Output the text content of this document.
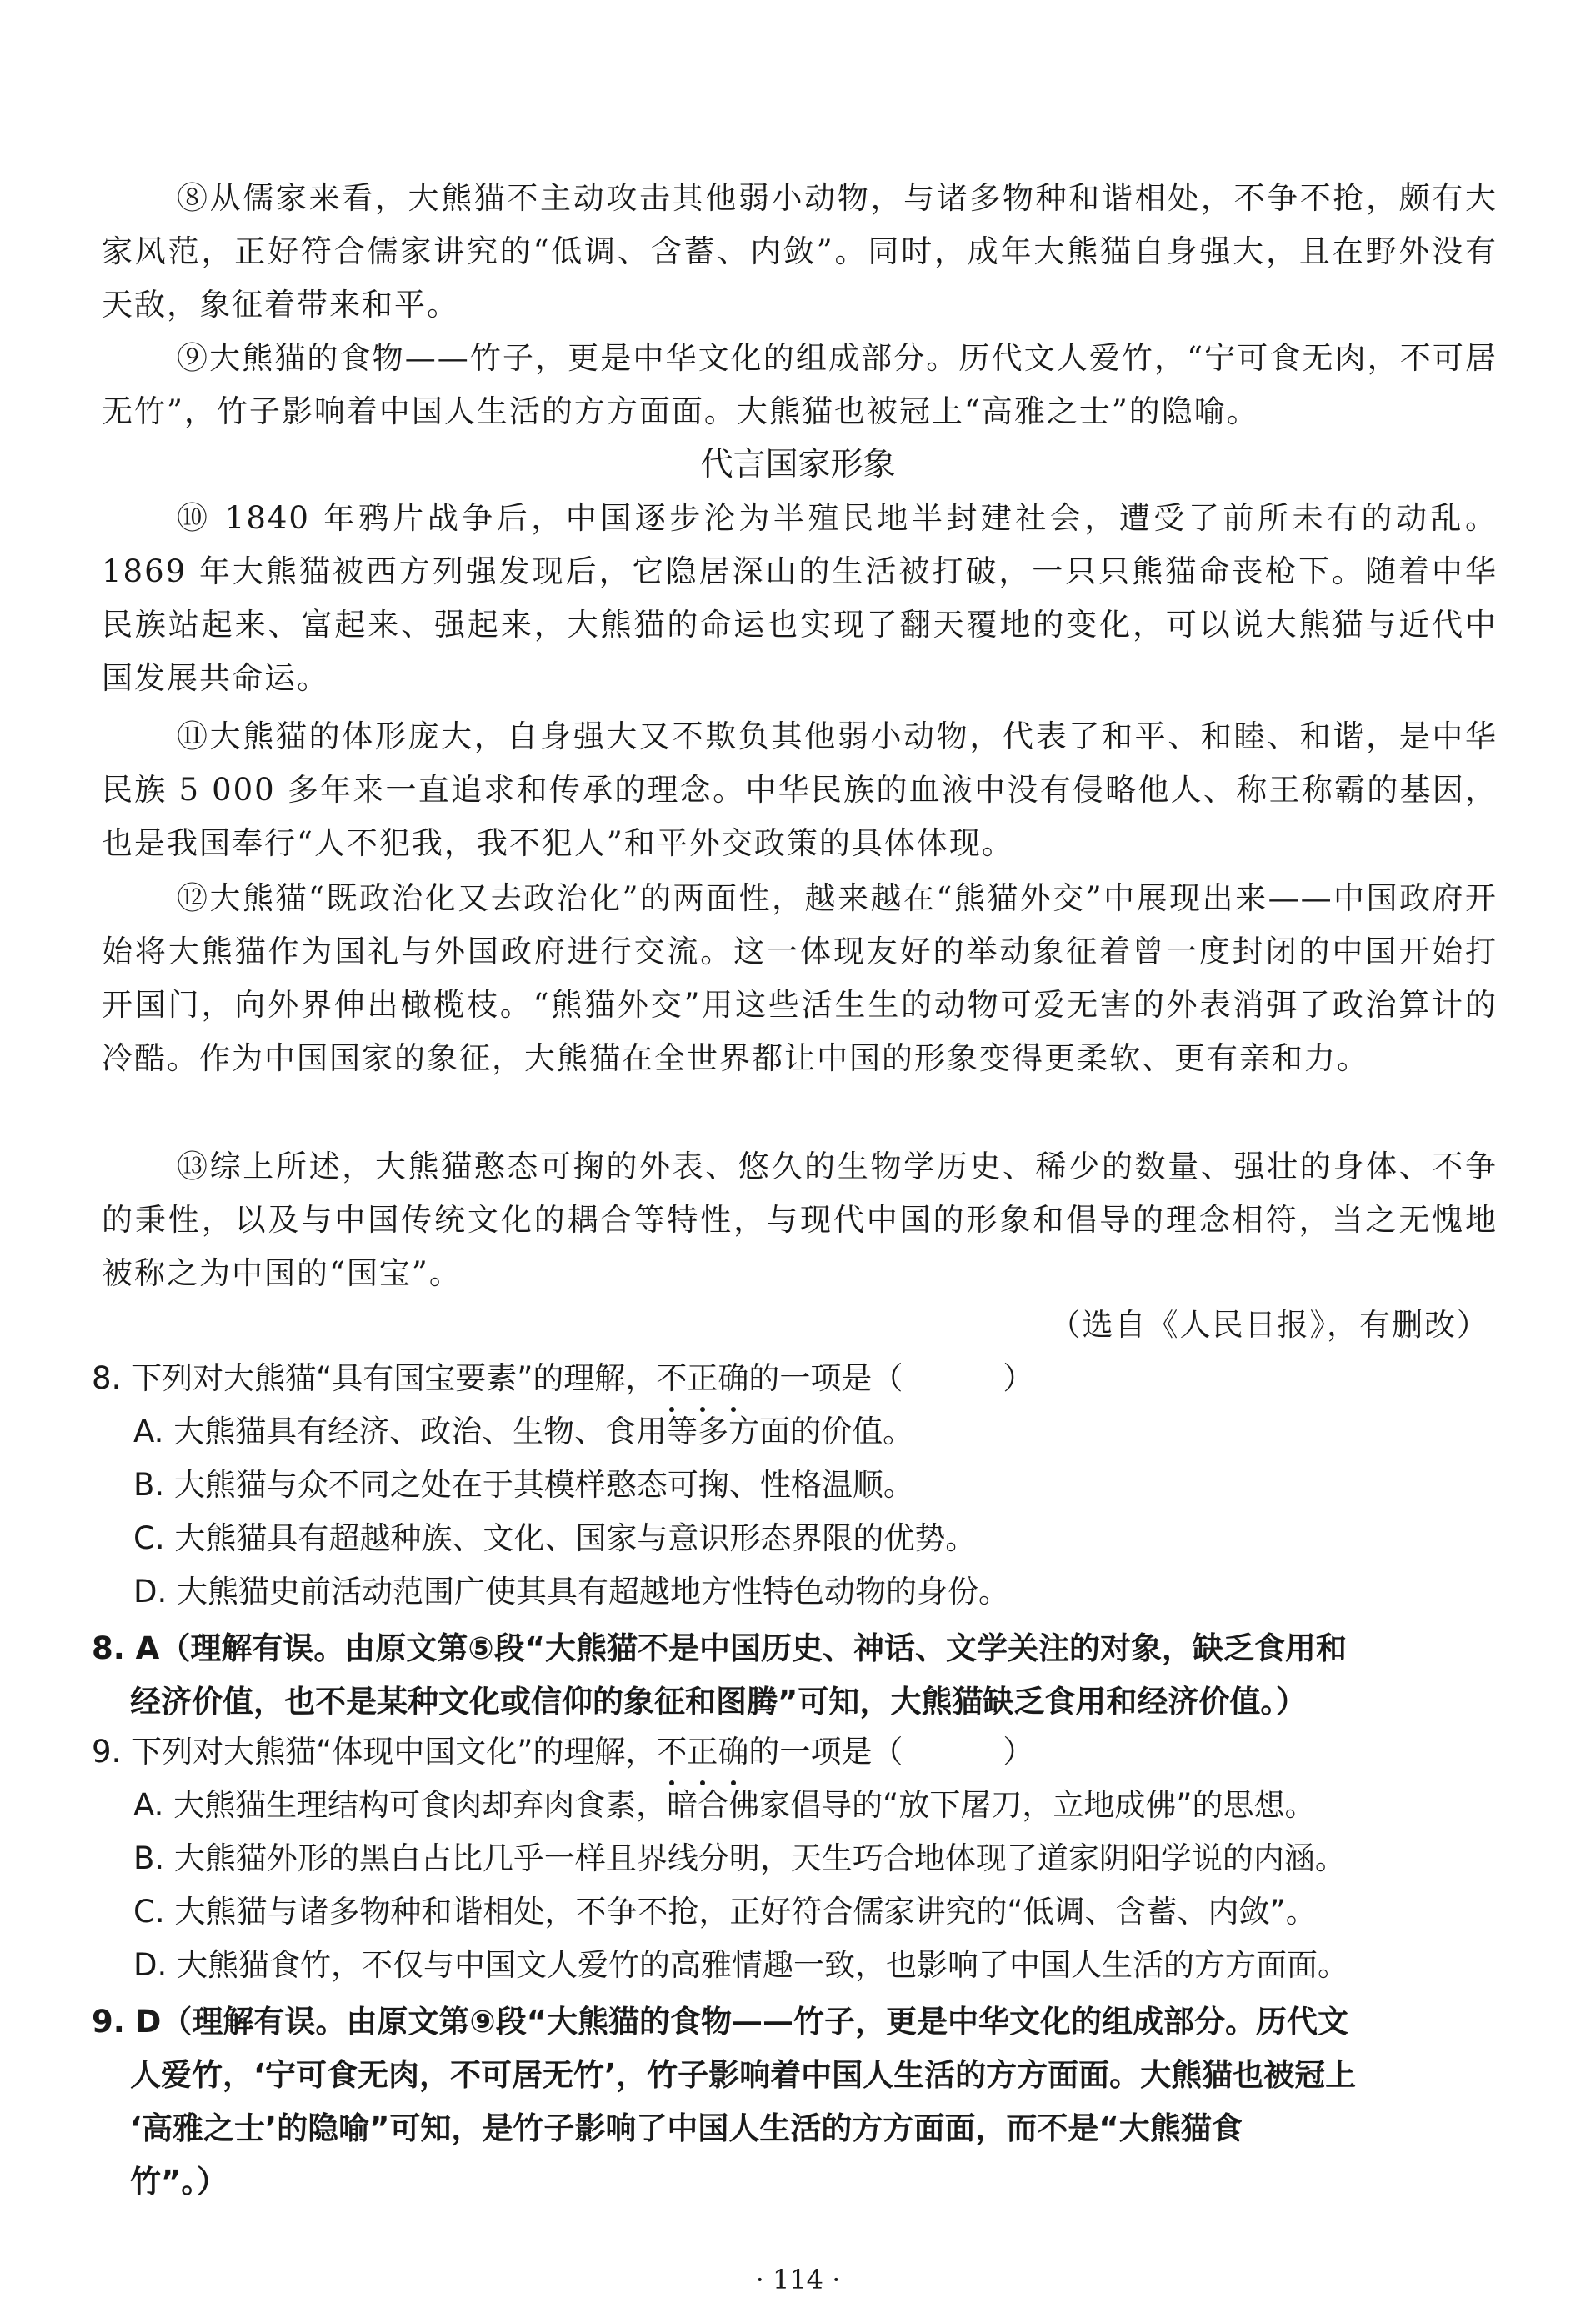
⑧从儒家来看，大熊猫不主动攻击其他弱小动物，与诸多物种和谐相处，不争不抢，颇有大家风范，正好符合儒家讲究的“低调、含蓄、内敛”。同时，成年大熊猫自身强大，且在野外没有天敌，象征着带来和平。

⑨大熊猫的食物——竹子，更是中华文化的组成部分。历代文人爱竹，“宁可食无肉，不可居无竹”，竹子影响着中国人生活的方方面面。大熊猫也被冠上“高雅之士”的隐喻。

代言国家形象

⑩ 1840 年鸦片战争后，中国逐步沦为半殖民地半封建社会，遭受了前所未有的动乱。1869 年大熊猫被西方列强发现后，它隐居深山的生活被打破，一只只熊猫命丧枪下。随着中华民族站起来、富起来、强起来，大熊猫的命运也实现了翻天覆地的变化，可以说大熊猫与近代中国发展共命运。

⑪大熊猫的体形庞大，自身强大又不欺负其他弱小动物，代表了和平、和睦、和谐，是中华民族 5 000 多年来一直追求和传承的理念。中华民族的血液中没有侵略他人、称王称霸的基因，也是我国奉行“人不犯我，我不犯人”和平外交政策的具体体现。

⑫大熊猫“既政治化又去政治化”的两面性，越来越在“熊猫外交”中展现出来——中国政府开始将大熊猫作为国礼与外国政府进行交流。这一体现友好的举动象征着曾一度封闭的中国开始打开国门，向外界伸出橄榄枝。“熊猫外交”用这些活生生的动物可爱无害的外表消弭了政治算计的冷酷。作为中国国家的象征，大熊猫在全世界都让中国的形象变得更柔软、更有亲和力。

⑬综上所述，大熊猫憨态可掬的外表、悠久的生物学历史、稀少的数量、强壮的身体、不争的秉性，以及与中国传统文化的耦合等特性，与现代中国的形象和倡导的理念相符，当之无愧地被称之为中国的“国宝”。

（选自《人民日报》，有删改）

8. 下列对大熊猫“具有国宝要素”的理解，不正确
的一项是（	）

A. 大熊猫具有经济、政治、生物、食用等多方面的价值。

B. 大熊猫与众不同之处在于其模样憨态可掬、性格温顺。

C. 大熊猫具有超越种族、文化、国家与意识形态界限的优势。

D. 大熊猫史前活动范围广使其具有超越地方性特色动物的身份。

8. A（理解有误。由原文第⑤段“大熊猫不是中国历史、神话、文学关注的对象，缺乏食用和
经济价值，也不是某种文化或信仰的象征和图腾”可知，大熊猫缺乏食用和经济价值。）

9. 下列对大熊猫“体现中国文化”的理解，不正确
的一项是（	）

A. 大熊猫生理结构可食肉却弃肉食素，暗合佛家倡导的“放下屠刀，立地成佛”的思想。

B. 大熊猫外形的黑白占比几乎一样且界线分明，天生巧合地体现了道家阴阳学说的内涵。

C. 大熊猫与诸多物种和谐相处，不争不抢，正好符合儒家讲究的“低调、含蓄、内敛”。

D. 大熊猫食竹，不仅与中国文人爱竹的高雅情趣一致，也影响了中国人生活的方方面面。

9. D（理解有误。由原文第⑨段“大熊猫的食物——竹子，更是中华文化的组成部分。历代文
人爱竹，‘宁可食无肉，不可居无竹’，竹子影响着中国人生活的方方面面。大熊猫也被冠上
‘高雅之士’的隐喻”可知，是竹子影响了中国人生活的方方面面，而不是“大熊猫食
竹”。）

· 114 ·
